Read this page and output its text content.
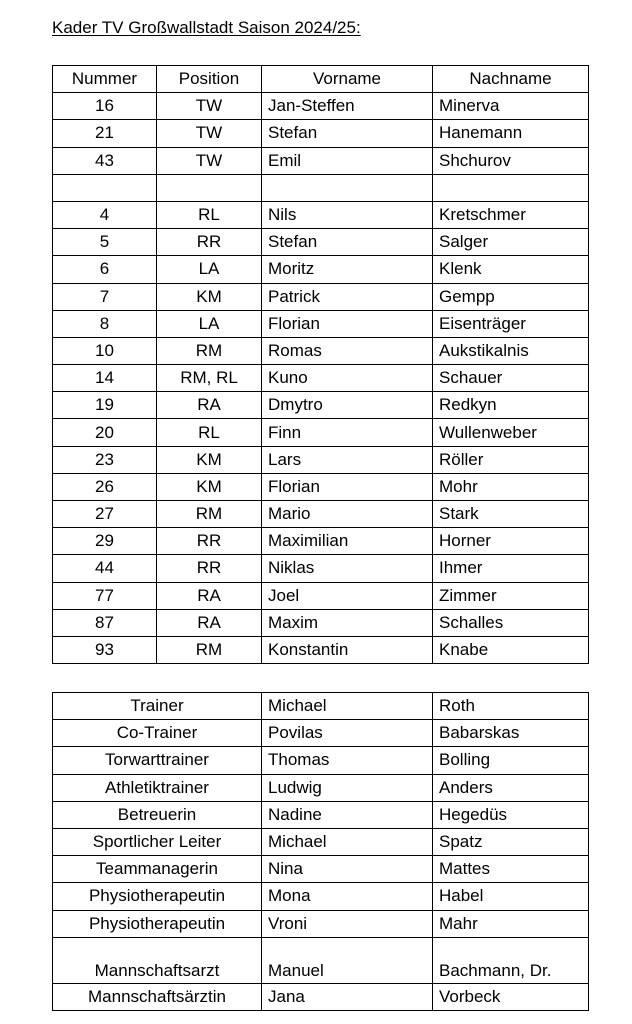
Kader TV Großwallstadt Saison 2024/25:
Nummer	Position	Vorname	Nachname
16	TW	Jan-Steffen	Minerva
21	TW	Stefan	Hanemann
43	TW	Emil	Shchurov

4	RL	Nils	Kretschmer
5	RR	Stefan	Salger
6	LA	Moritz	Klenk
7	KM	Patrick	Gempp
8	LA	Florian	Eisenträger
10	RM	Romas	Aukstikalnis
14	RM, RL	Kuno	Schauer
19	RA	Dmytro	Redkyn
20	RL	Finn	Wullenweber
23	KM	Lars	Röller
26	KM	Florian	Mohr
27	RM	Mario	Stark
29	RR	Maximilian	Horner
44	RR	Niklas	Ihmer
77	RA	Joel	Zimmer
87	RA	Maxim	Schalles
93	RM	Konstantin	Knabe
Trainer	Michael	Roth
Co-Trainer	Povilas	Babarskas
Torwarttrainer	Thomas	Bolling
Athletiktrainer	Ludwig	Anders
Betreuerin	Nadine	Hegedüs
Sportlicher Leiter	Michael	Spatz
Teammanagerin	Nina	Mattes
Physiotherapeutin	Mona	Habel
Physiotherapeutin	Vroni	Mahr
Mannschaftsarzt	Manuel	Bachmann, Dr.
Mannschaftsärztin	Jana	Vorbeck
